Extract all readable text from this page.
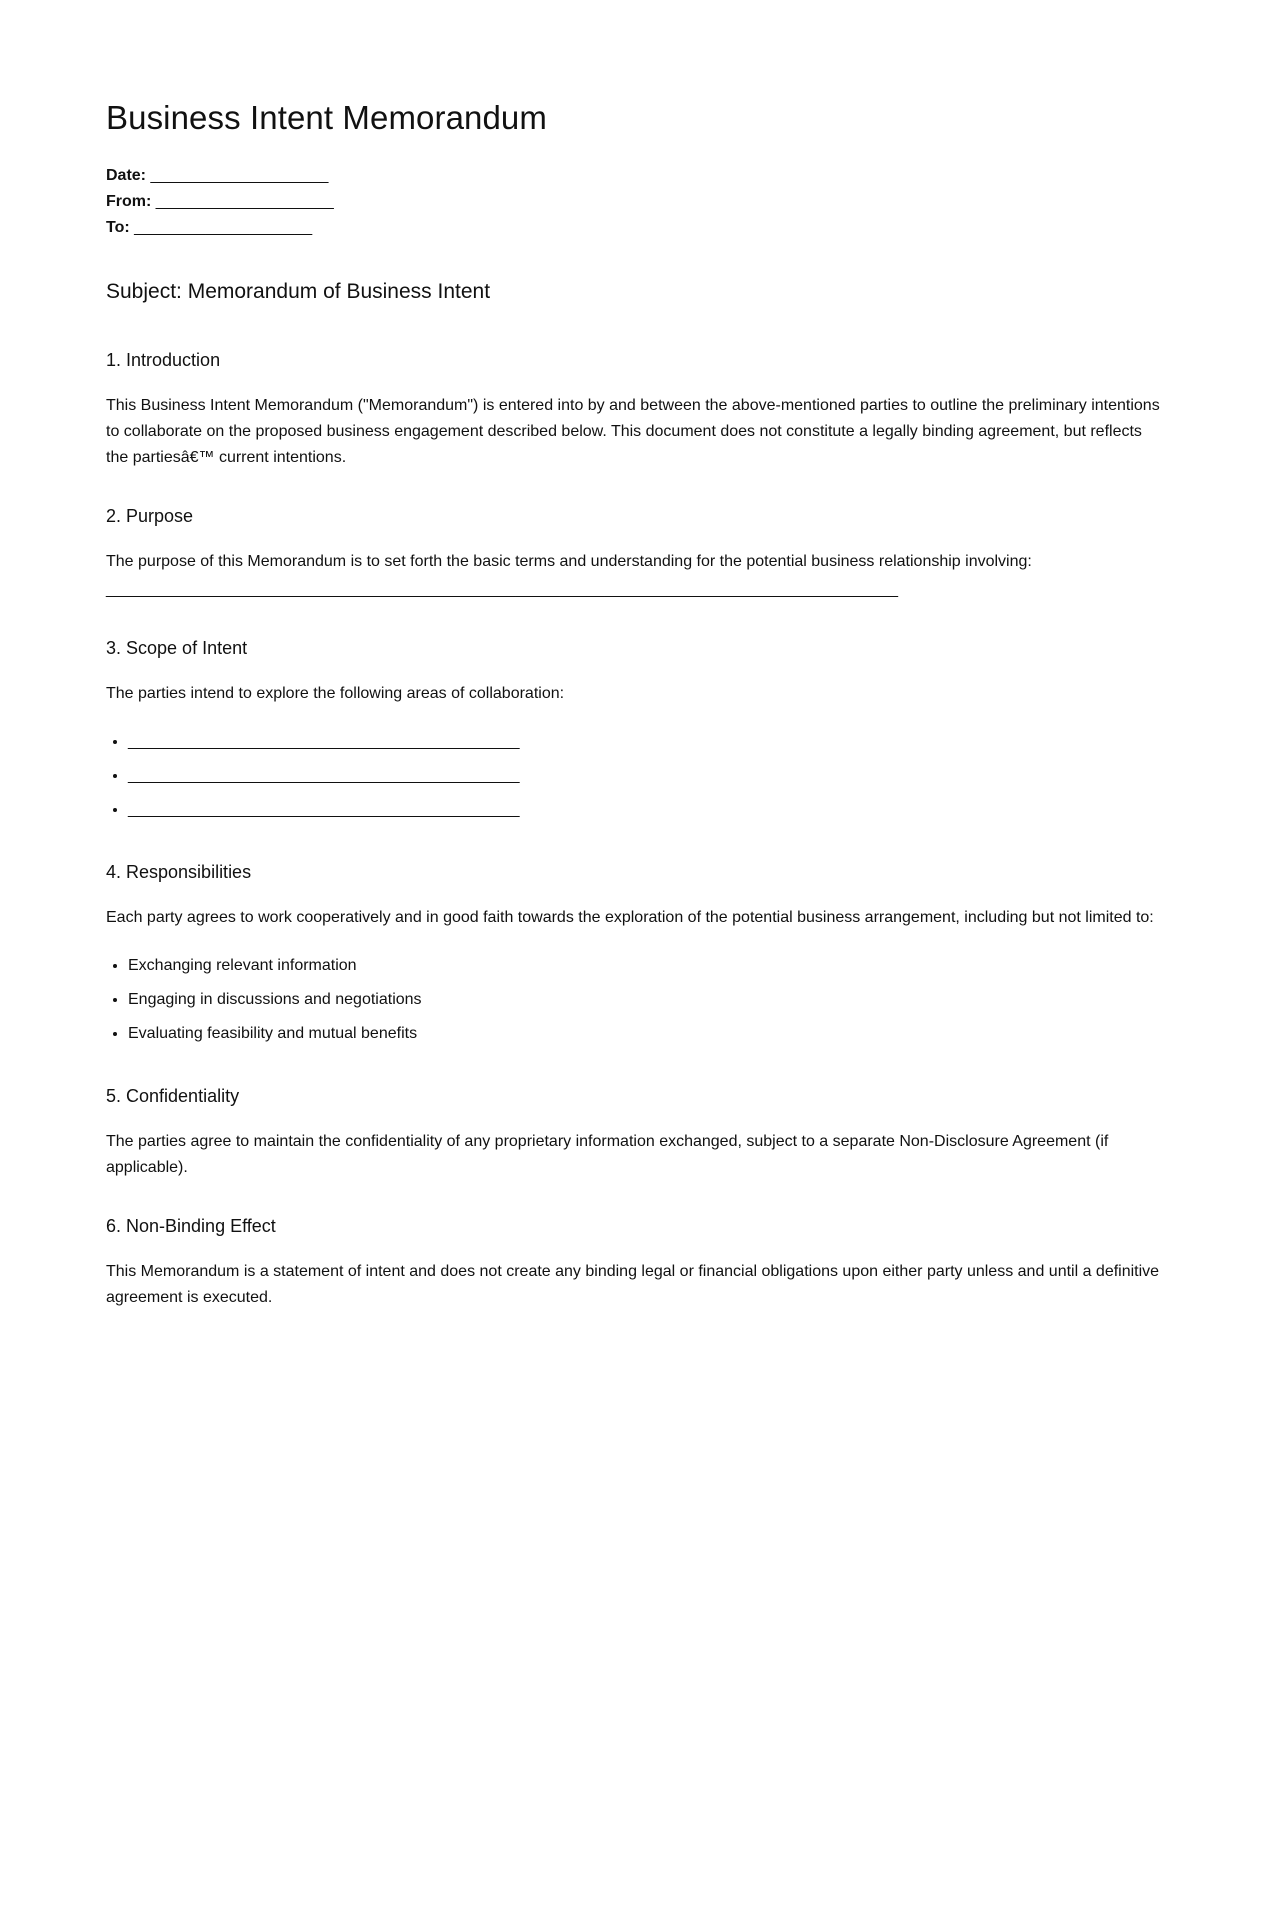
Business Intent Memorandum
Date: ____________________
From: ____________________
To: ____________________
Subject: Memorandum of Business Intent
1. Introduction

This Business Intent Memorandum ("Memorandum") is entered into by and between the above-mentioned parties to outline the preliminary intentions to collaborate on the proposed business engagement described below. This document does not constitute a legally binding agreement, but reflects the partiesâ€™ current intentions.

2. Purpose

The purpose of this Memorandum is to set forth the basic terms and understanding for the potential business relationship involving:

_________________________________________________________________________________________
3. Scope of Intent

The parties intend to explore the following areas of collaboration:

• ____________________________________________
• ____________________________________________
• ____________________________________________
4. Responsibilities

Each party agrees to work cooperatively and in good faith towards the exploration of the potential business arrangement, including but not limited to:

• Exchanging relevant information
• Engaging in discussions and negotiations
• Evaluating feasibility and mutual benefits
5. Confidentiality

The parties agree to maintain the confidentiality of any proprietary information exchanged, subject to a separate Non-Disclosure Agreement (if applicable).

6. Non-Binding Effect

This Memorandum is a statement of intent and does not create any binding legal or financial obligations upon either party unless and until a definitive agreement is executed.
